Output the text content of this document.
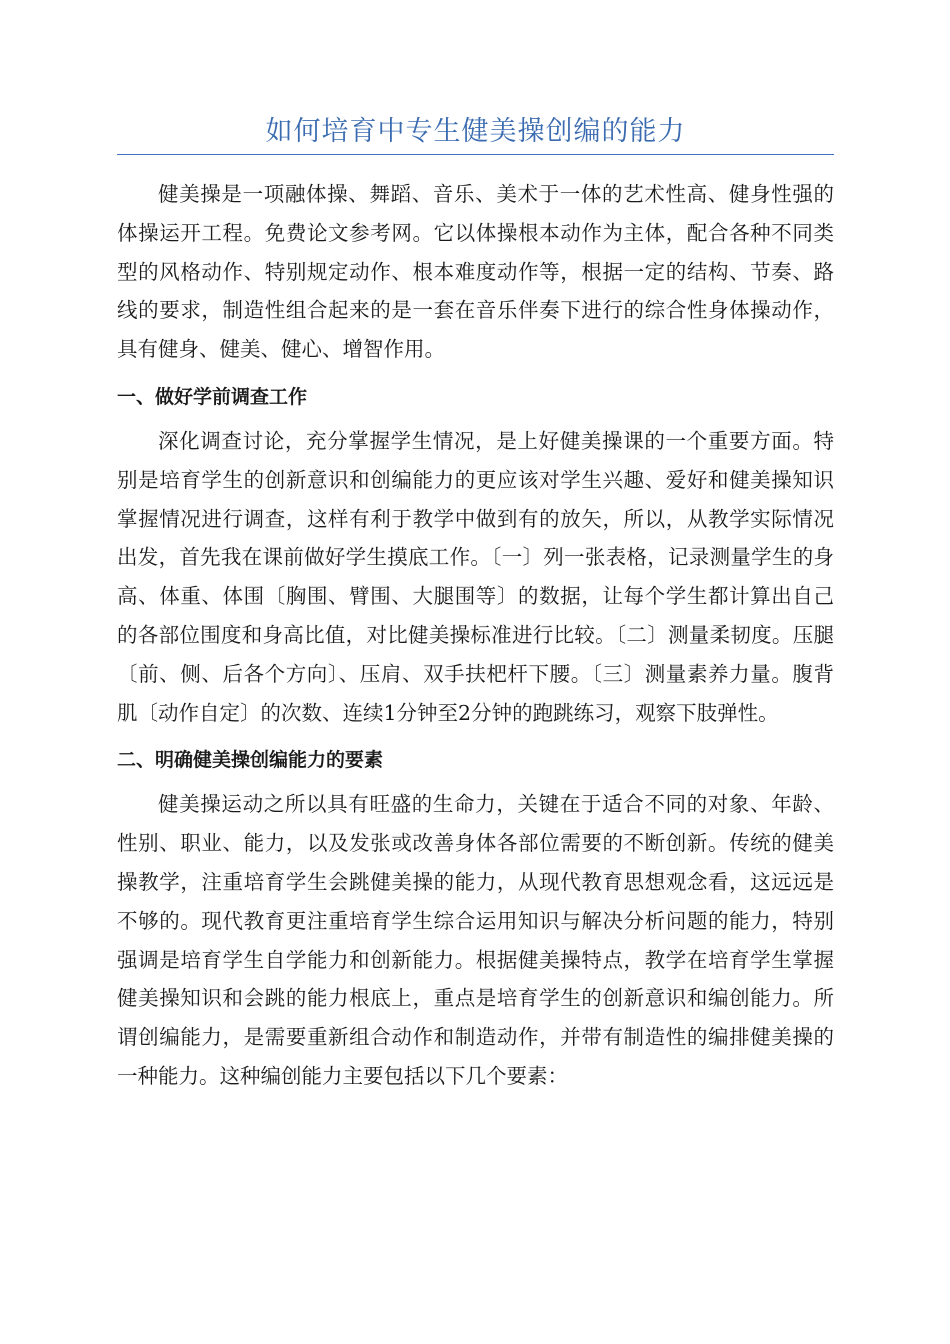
如何培育中专生健美操创编的能力

健美操是一项融体操、舞蹈、音乐、美术于一体的艺术性高、健身性强的体操运开工程。免费论文参考网。它以体操根本动作为主体，配合各种不同类型的风格动作、特别规定动作、根本难度动作等，根据一定的结构、节奏、路线的要求，制造性组合起来的是一套在音乐伴奏下进行的综合性身体操动作，具有健身、健美、健心、增智作用。

一、做好学前调查工作

深化调查讨论，充分掌握学生情况，是上好健美操课的一个重要方面。特别是培育学生的创新意识和创编能力的更应该对学生兴趣、爱好和健美操知识掌握情况进行调查，这样有利于教学中做到有的放矢，所以，从教学实际情况出发，首先我在课前做好学生摸底工作。〔一〕列一张表格，记录测量学生的身高、体重、体围〔胸围、臂围、大腿围等〕的数据，让每个学生都计算出自己的各部位围度和身高比值，对比健美操标准进行比较。〔二〕测量柔韧度。压腿〔前、侧、后各个方向〕、压肩、双手扶杷杆下腰。〔三〕测量素养力量。腹背肌〔动作自定〕的次数、连续1分钟至2分钟的跑跳练习，观察下肢弹性。

二、明确健美操创编能力的要素

健美操运动之所以具有旺盛的生命力，关键在于适合不同的对象、年龄、性别、职业、能力，以及发张或改善身体各部位需要的不断创新。传统的健美操教学，注重培育学生会跳健美操的能力，从现代教育思想观念看，这远远是不够的。现代教育更注重培育学生综合运用知识与解决分析问题的能力，特别强调是培育学生自学能力和创新能力。根据健美操特点，教学在培育学生掌握健美操知识和会跳的能力根底上，重点是培育学生的创新意识和编创能力。所谓创编能力，是需要重新组合动作和制造动作，并带有制造性的编排健美操的一种能力。这种编创能力主要包括以下几个要素：
